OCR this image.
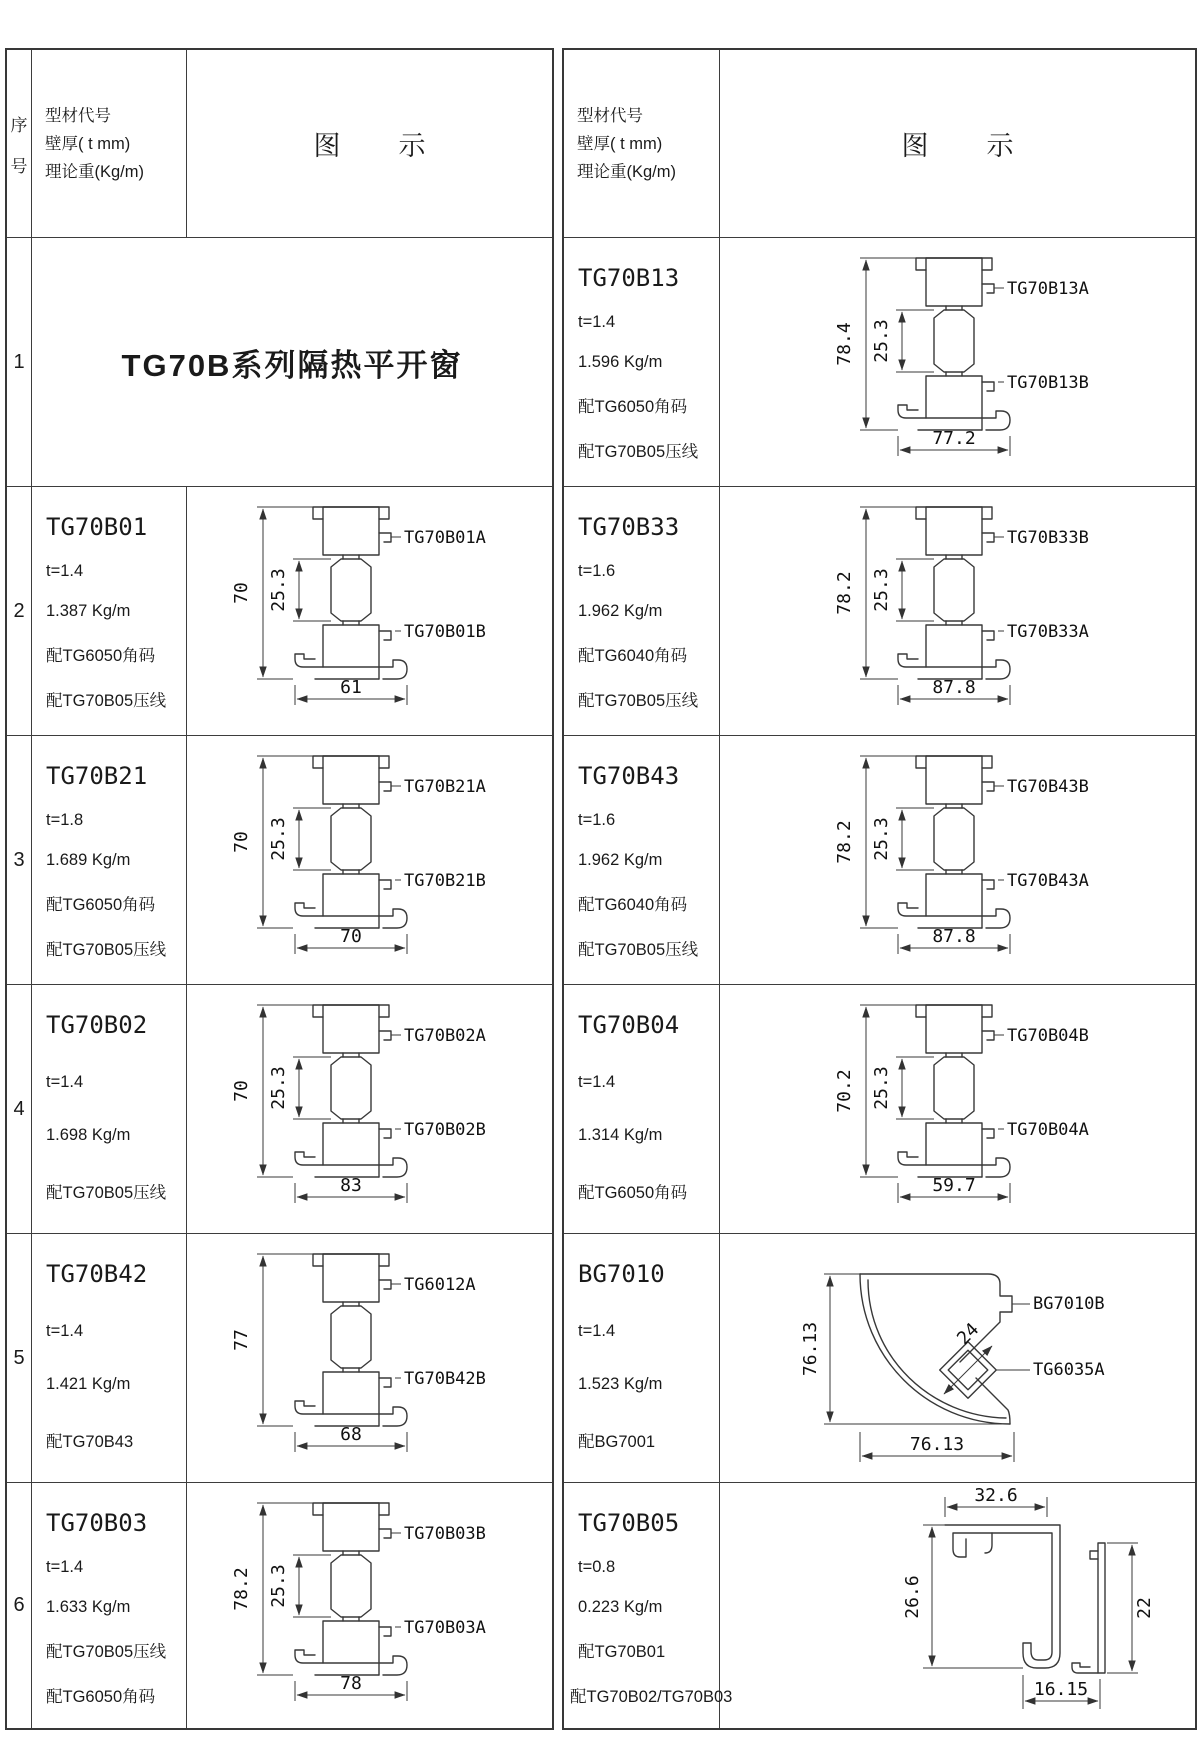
序
号
型材代号
壁厚( t mm)
理论重(Kg/m)
图 示
1	TG70B系列隔热平开窗
2
TG70B01
t=1.4
1.387 Kg/m
配TG6050角码
配TG70B05压线
70 25.3
61
TG70B01A
TG70B01B
3
TG70B21
t=1.8
1.689 Kg/m
配TG6050角码
配TG70B05压线
70 25.3
70
TG70B21A
TG70B21B
4
TG70B02
t=1.4
1.698 Kg/m
配TG70B05压线
70 25.3
83
TG70B02A
TG70B02B
5
TG70B42
t=1.4
1.421 Kg/m
配TG70B43
77
68
TG6012A
TG70B42B
6
TG70B03
t=1.4
1.633 Kg/m
配TG70B05压线
配TG6050角码
78.2 25.3
78
TG70B03B
TG70B03A
型材代号
壁厚( t mm)
理论重(Kg/m)
图 示
TG70B13
t=1.4
1.596 Kg/m
配TG6050角码
配TG70B05压线
78.4 25.3
77.2
TG70B13A
TG70B13B
TG70B33
t=1.6
1.962 Kg/m
配TG6040角码
配TG70B05压线
78.2 25.3
87.8
TG70B33B
TG70B33A
TG70B43
t=1.6
1.962 Kg/m
配TG6040角码
配TG70B05压线
78.2 25.3
87.8
TG70B43B
TG70B43A
TG70B04
t=1.4
1.314 Kg/m
配TG6050角码
70.2 25.3
59.7
TG70B04B
TG70B04A
BG7010
t=1.4
1.523 Kg/m
配BG7001
76.13
76.13
24
BG7010B
TG6035A
TG70B05
t=0.8
0.223 Kg/m
配TG70B01
配TG70B02/TG70B03
32.6
26.6	22
16.15
